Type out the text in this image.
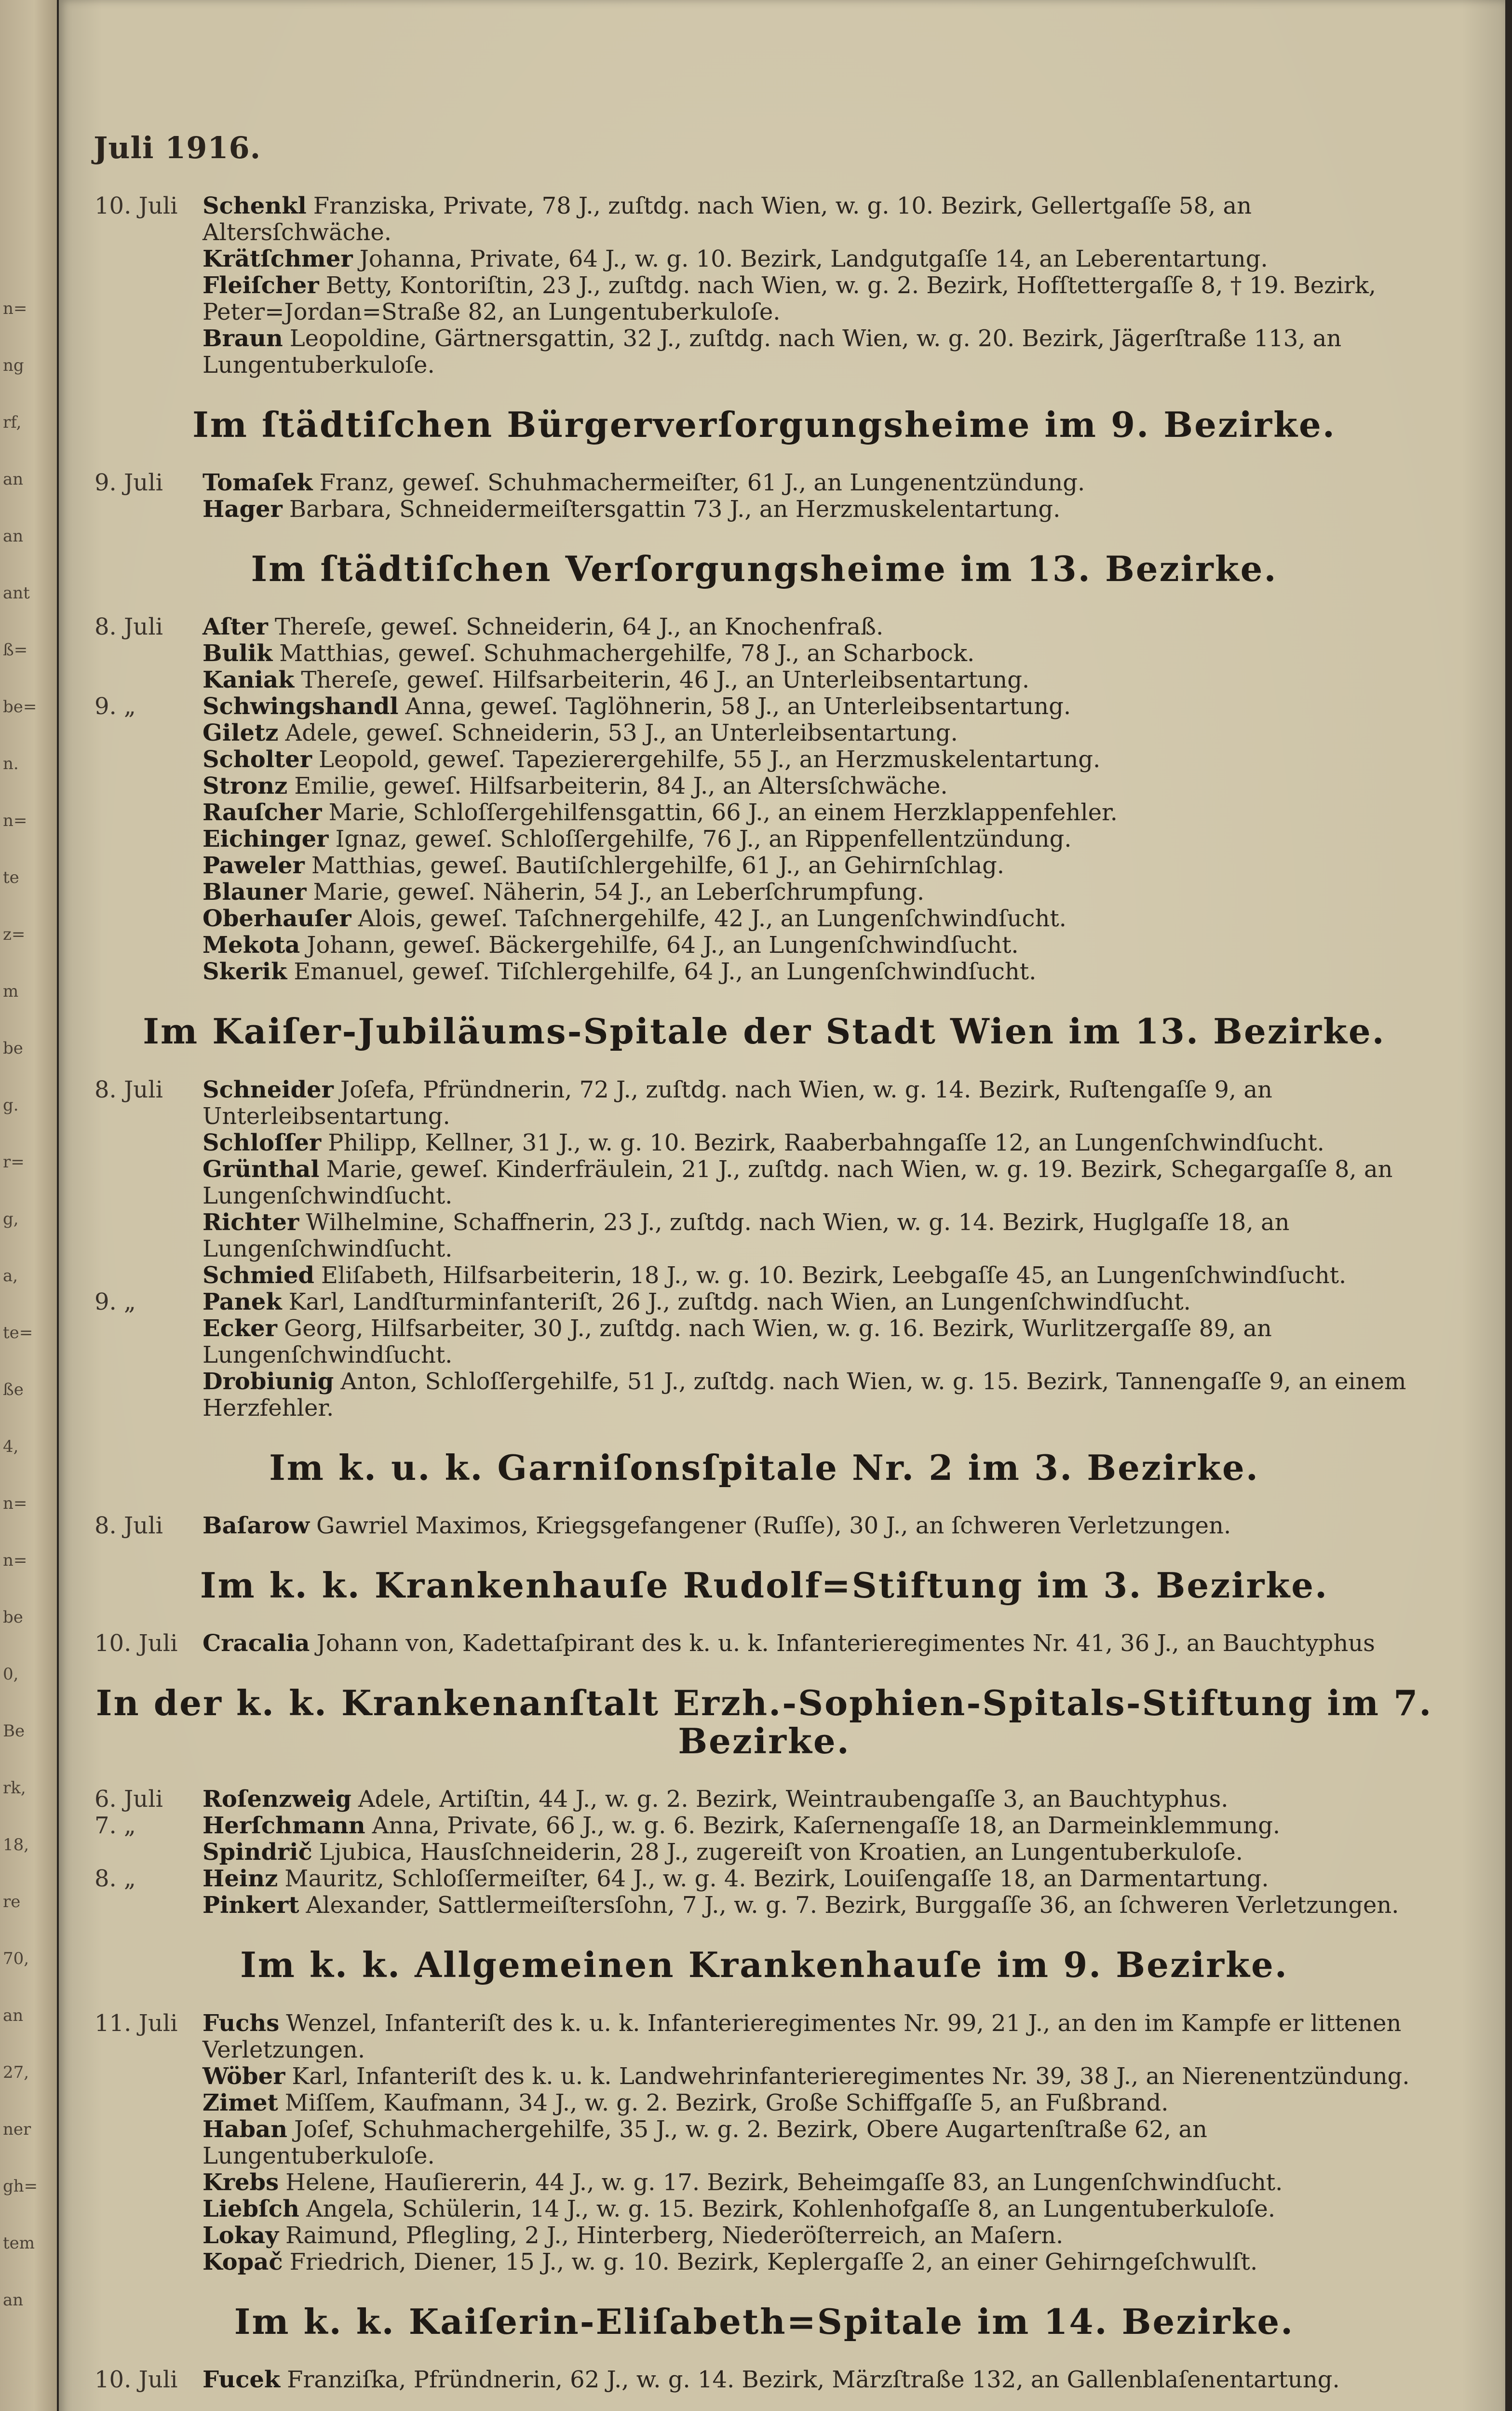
n=
ng
rf,
an
an
ant
ß=
be=
n.
n=
te
z=
m
be
g.
r=
g,
a,
te=
ße
4,
n=
n=
be
0,
Be
rk,
18,
re
70,
an
27,
ner
gh=
tem
an
Juli 1916.
10. Juli	Schenkl Franziska, Private, 78 J., zuſtdg. nach Wien, w. g. 10. Bezirk, Gellertgaſſe 58, an Altersſchwäche.
Krätſchmer Johanna, Private, 64 J., w. g. 10. Bezirk, Landgutgaſſe 14, an Leberentartung.
Fleiſcher Betty, Kontoriſtin, 23 J., zuſtdg. nach Wien, w. g. 2. Bezirk, Hofſtettergaſſe 8, † 19. Bezirk, Peter=Jordan=Straße 82, an Lungentuberkuloſe.
Braun Leopoldine, Gärtnersgattin, 32 J., zuſtdg. nach Wien, w. g. 20. Bezirk, Jägerſtraße 113, an Lungentuberkuloſe.
Im ſtädtiſchen Bürgerverſorgungsheime im 9. Bezirke.
9. Juli	Tomaſek Franz, geweſ. Schuhmachermeiſter, 61 J., an Lungenentzündung.
Hager Barbara, Schneidermeiſtersgattin 73 J., an Herzmuskelentartung.
Im ſtädtiſchen Verſorgungsheime im 13. Bezirke.
8. Juli	Aſter Thereſe, geweſ. Schneiderin, 64 J., an Knochenfraß.
Bulik Matthias, geweſ. Schuhmachergehilfe, 78 J., an Scharbock.
Kaniak Thereſe, geweſ. Hilfsarbeiterin, 46 J., an Unterleibsentartung.
9. „	Schwingshandl Anna, geweſ. Taglöhnerin, 58 J., an Unterleibsentartung.
Giletz Adele, geweſ. Schneiderin, 53 J., an Unterleibsentartung.
Scholter Leopold, geweſ. Tapezierergehilfe, 55 J., an Herzmuskelentartung.
Stronz Emilie, geweſ. Hilfsarbeiterin, 84 J., an Altersſchwäche.
Rauſcher Marie, Schloſſergehilfensgattin, 66 J., an einem Herzklappenfehler.
Eichinger Ignaz, geweſ. Schloſſergehilfe, 76 J., an Rippenfellentzündung.
Paweler Matthias, geweſ. Bautiſchlergehilfe, 61 J., an Gehirnſchlag.
Blauner Marie, geweſ. Näherin, 54 J., an Leberſchrumpfung.
Oberhauſer Alois, geweſ. Taſchnergehilfe, 42 J., an Lungenſchwindſucht.
Mekota Johann, geweſ. Bäckergehilfe, 64 J., an Lungenſchwindſucht.
Skerik Emanuel, geweſ. Tiſchlergehilfe, 64 J., an Lungenſchwindſucht.
Im Kaiſer-Jubiläums-Spitale der Stadt Wien im 13. Bezirke.
8. Juli	Schneider Joſefa, Pfründnerin, 72 J., zuſtdg. nach Wien, w. g. 14. Bezirk, Ruſtengaſſe 9, an Unterleibsentartung.
Schloſſer Philipp, Kellner, 31 J., w. g. 10. Bezirk, Raaberbahngaſſe 12, an Lungenſchwindſucht.
Grünthal Marie, geweſ. Kinderfräulein, 21 J., zuſtdg. nach Wien, w. g. 19. Bezirk, Schegargaſſe 8, an Lungenſchwindſucht.
Richter Wilhelmine, Schaffnerin, 23 J., zuſtdg. nach Wien, w. g. 14. Bezirk, Huglgaſſe 18, an Lungenſchwindſucht.
Schmied Eliſabeth, Hilfsarbeiterin, 18 J., w. g. 10. Bezirk, Leebgaſſe 45, an Lungenſchwindſucht.
9. „	Panek Karl, Landſturminfanteriſt, 26 J., zuſtdg. nach Wien, an Lungenſchwindſucht.
Ecker Georg, Hilfsarbeiter, 30 J., zuſtdg. nach Wien, w. g. 16. Bezirk, Wurlitzergaſſe 89, an Lungenſchwindſucht.
Drobiunig Anton, Schloſſergehilfe, 51 J., zuſtdg. nach Wien, w. g. 15. Bezirk, Tannengaſſe 9, an einem Herzfehler.
Im k. u. k. Garniſonsſpitale Nr. 2 im 3. Bezirke.
8. Juli	Baſarow Gawriel Maximos, Kriegsgefangener (Ruſſe), 30 J., an ſchweren Verletzungen.
Im k. k. Krankenhauſe Rudolf=Stiftung im 3. Bezirke.
10. Juli	Cracalia Johann von, Kadettaſpirant des k. u. k. Infanterieregimentes Nr. 41, 36 J., an Bauchtyphus
In der k. k. Krankenanſtalt Erzh.-Sophien-Spitals-Stiftung im 7. Bezirke.
6. Juli	Roſenzweig Adele, Artiſtin, 44 J., w. g. 2. Bezirk, Weintraubengaſſe 3, an Bauchtyphus.
7. „	Herſchmann Anna, Private, 66 J., w. g. 6. Bezirk, Kaſernengaſſe 18, an Darmeinklemmung.
Spindrič Ljubica, Hausſchneiderin, 28 J., zugereiſt von Kroatien, an Lungentuberkuloſe.
8. „	Heinz Mauritz, Schloſſermeiſter, 64 J., w. g. 4. Bezirk, Louiſengaſſe 18, an Darmentartung.
Pinkert Alexander, Sattlermeiſtersſohn, 7 J., w. g. 7. Bezirk, Burggaſſe 36, an ſchweren Verletzungen.
Im k. k. Allgemeinen Krankenhauſe im 9. Bezirke.
11. Juli	Fuchs Wenzel, Infanteriſt des k. u. k. Infanterieregimentes Nr. 99, 21 J., an den im Kampfe er littenen Verletzungen.
Wöber Karl, Infanteriſt des k. u. k. Landwehrinfanterieregimentes Nr. 39, 38 J., an Nierenentzündung.
Zimet Miſſem, Kaufmann, 34 J., w. g. 2. Bezirk, Große Schiffgaſſe 5, an Fußbrand.
Haban Joſef, Schuhmachergehilfe, 35 J., w. g. 2. Bezirk, Obere Augartenſtraße 62, an Lungentuberkuloſe.
Krebs Helene, Hauſiererin, 44 J., w. g. 17. Bezirk, Beheimgaſſe 83, an Lungenſchwindſucht.
Liebſch Angela, Schülerin, 14 J., w. g. 15. Bezirk, Kohlenhofgaſſe 8, an Lungentuberkuloſe.
Lokay Raimund, Pflegling, 2 J., Hinterberg, Niederöſterreich, an Maſern.
Kopač Friedrich, Diener, 15 J., w. g. 10. Bezirk, Keplergaſſe 2, an einer Gehirngeſchwulſt.
Im k. k. Kaiſerin-Eliſabeth=Spitale im 14. Bezirke.
10. Juli	Fucek Franziſka, Pfründnerin, 62 J., w. g. 14. Bezirk, Märzſtraße 132, an Gallenblaſenentartung.
